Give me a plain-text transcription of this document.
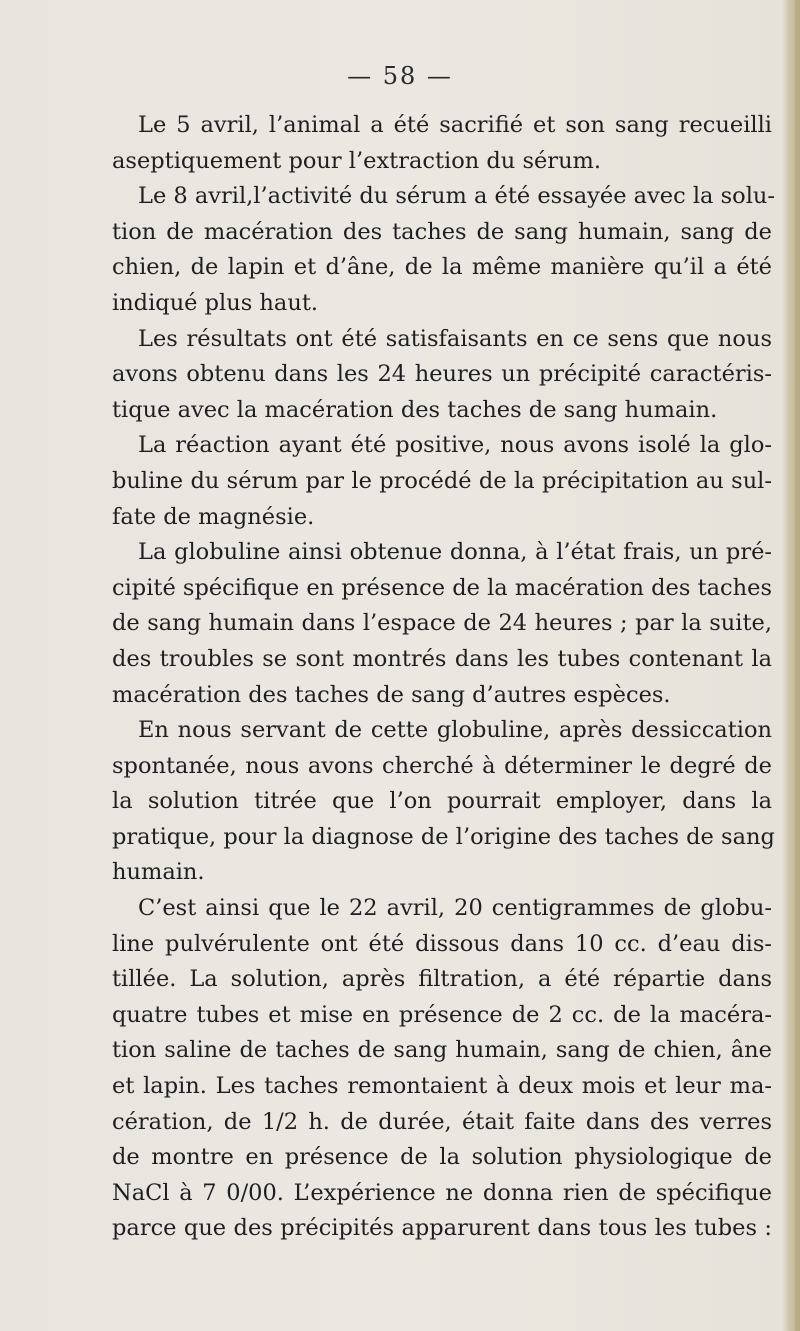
— 58 —
Le 5 avril, l’animal a été sacrifié et son sang recueilli
aseptiquement pour l’extraction du sérum.
Le 8 avril,l’activité du sérum a été essayée avec la solu-
tion de macération des taches de sang humain, sang de
chien, de lapin et d’âne, de la même manière qu’il a été
indiqué plus haut.
Les résultats ont été satisfaisants en ce sens que nous
avons obtenu dans les 24 heures un précipité caractéris-
tique avec la macération des taches de sang humain.
La réaction ayant été positive, nous avons isolé la glo-
buline du sérum par le procédé de la précipitation au sul-
fate de magnésie.
La globuline ainsi obtenue donna, à l’état frais, un pré-
cipité spécifique en présence de la macération des taches
de sang humain dans l’espace de 24 heures ; par la suite,
des troubles se sont montrés dans les tubes contenant la
macération des taches de sang d’autres espèces.
En nous servant de cette globuline, après dessiccation
spontanée, nous avons cherché à déterminer le degré de
la solution titrée que l’on pourrait employer, dans la
pratique, pour la diagnose de l’origine des taches de sang
humain.
C’est ainsi que le 22 avril, 20 centigrammes de globu-
line pulvérulente ont été dissous dans 10 cc. d’eau dis-
tillée. La solution, après filtration, a été répartie dans
quatre tubes et mise en présence de 2 cc. de la macéra-
tion saline de taches de sang humain, sang de chien, âne
et lapin. Les taches remontaient à deux mois et leur ma-
cération, de 1/2 h. de durée, était faite dans des verres
de montre en présence de la solution physiologique de
NaCl à 7 0/00. L’expérience ne donna rien de spécifique
parce que des précipités apparurent dans tous les tubes :
